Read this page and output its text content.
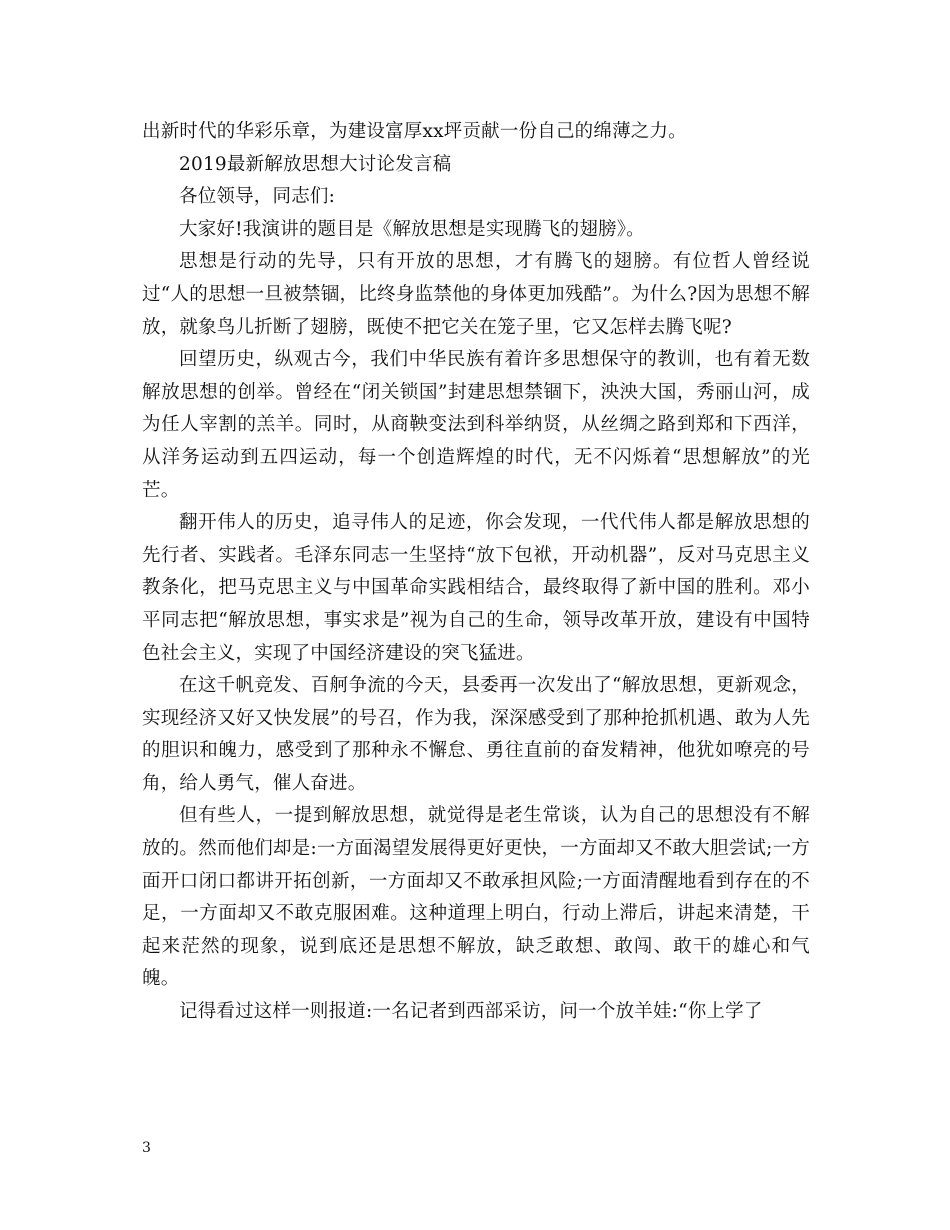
出新时代的华彩乐章，为建设富厚xx坪贡献一份自己的绵薄之力。

2019最新解放思想大讨论发言稿

各位领导，同志们:

大家好!我演讲的题目是《解放思想是实现腾飞的翅膀》。

思想是行动的先导，只有开放的思想，才有腾飞的翅膀。有位哲人曾经说过“人的思想一旦被禁锢，比终身监禁他的身体更加残酷”。为什么?因为思想不解放，就象鸟儿折断了翅膀，既使不把它关在笼子里，它又怎样去腾飞呢?

回望历史，纵观古今，我们中华民族有着许多思想保守的教训，也有着无数解放思想的创举。曾经在“闭关锁国”封建思想禁锢下，泱泱大国，秀丽山河，成为任人宰割的羔羊。同时，从商鞅变法到科举纳贤，从丝绸之路到郑和下西洋，从洋务运动到五四运动，每一个创造辉煌的时代，无不闪烁着“思想解放”的光芒。

翻开伟人的历史，追寻伟人的足迹，你会发现，一代代伟人都是解放思想的先行者、实践者。毛泽东同志一生坚持“放下包袱，开动机器”，反对马克思主义教条化，把马克思主义与中国革命实践相结合，最终取得了新中国的胜利。邓小平同志把“解放思想，事实求是”视为自己的生命，领导改革开放，建设有中国特色社会主义，实现了中国经济建设的突飞猛进。

在这千帆竞发、百舸争流的今天，县委再一次发出了“解放思想，更新观念，实现经济又好又快发展”的号召，作为我，深深感受到了那种抢抓机遇、敢为人先的胆识和魄力，感受到了那种永不懈怠、勇往直前的奋发精神，他犹如嘹亮的号角，给人勇气，催人奋进。

但有些人，一提到解放思想，就觉得是老生常谈，认为自己的思想没有不解放的。然而他们却是:一方面渴望发展得更好更快，一方面却又不敢大胆尝试;一方面开口闭口都讲开拓创新，一方面却又不敢承担风险;一方面清醒地看到存在的不足，一方面却又不敢克服困难。这种道理上明白，行动上滞后，讲起来清楚，干起来茫然的现象，说到底还是思想不解放，缺乏敢想、敢闯、敢干的雄心和气魄。

记得看过这样一则报道:一名记者到西部采访，问一个放羊娃:“你上学了

3
